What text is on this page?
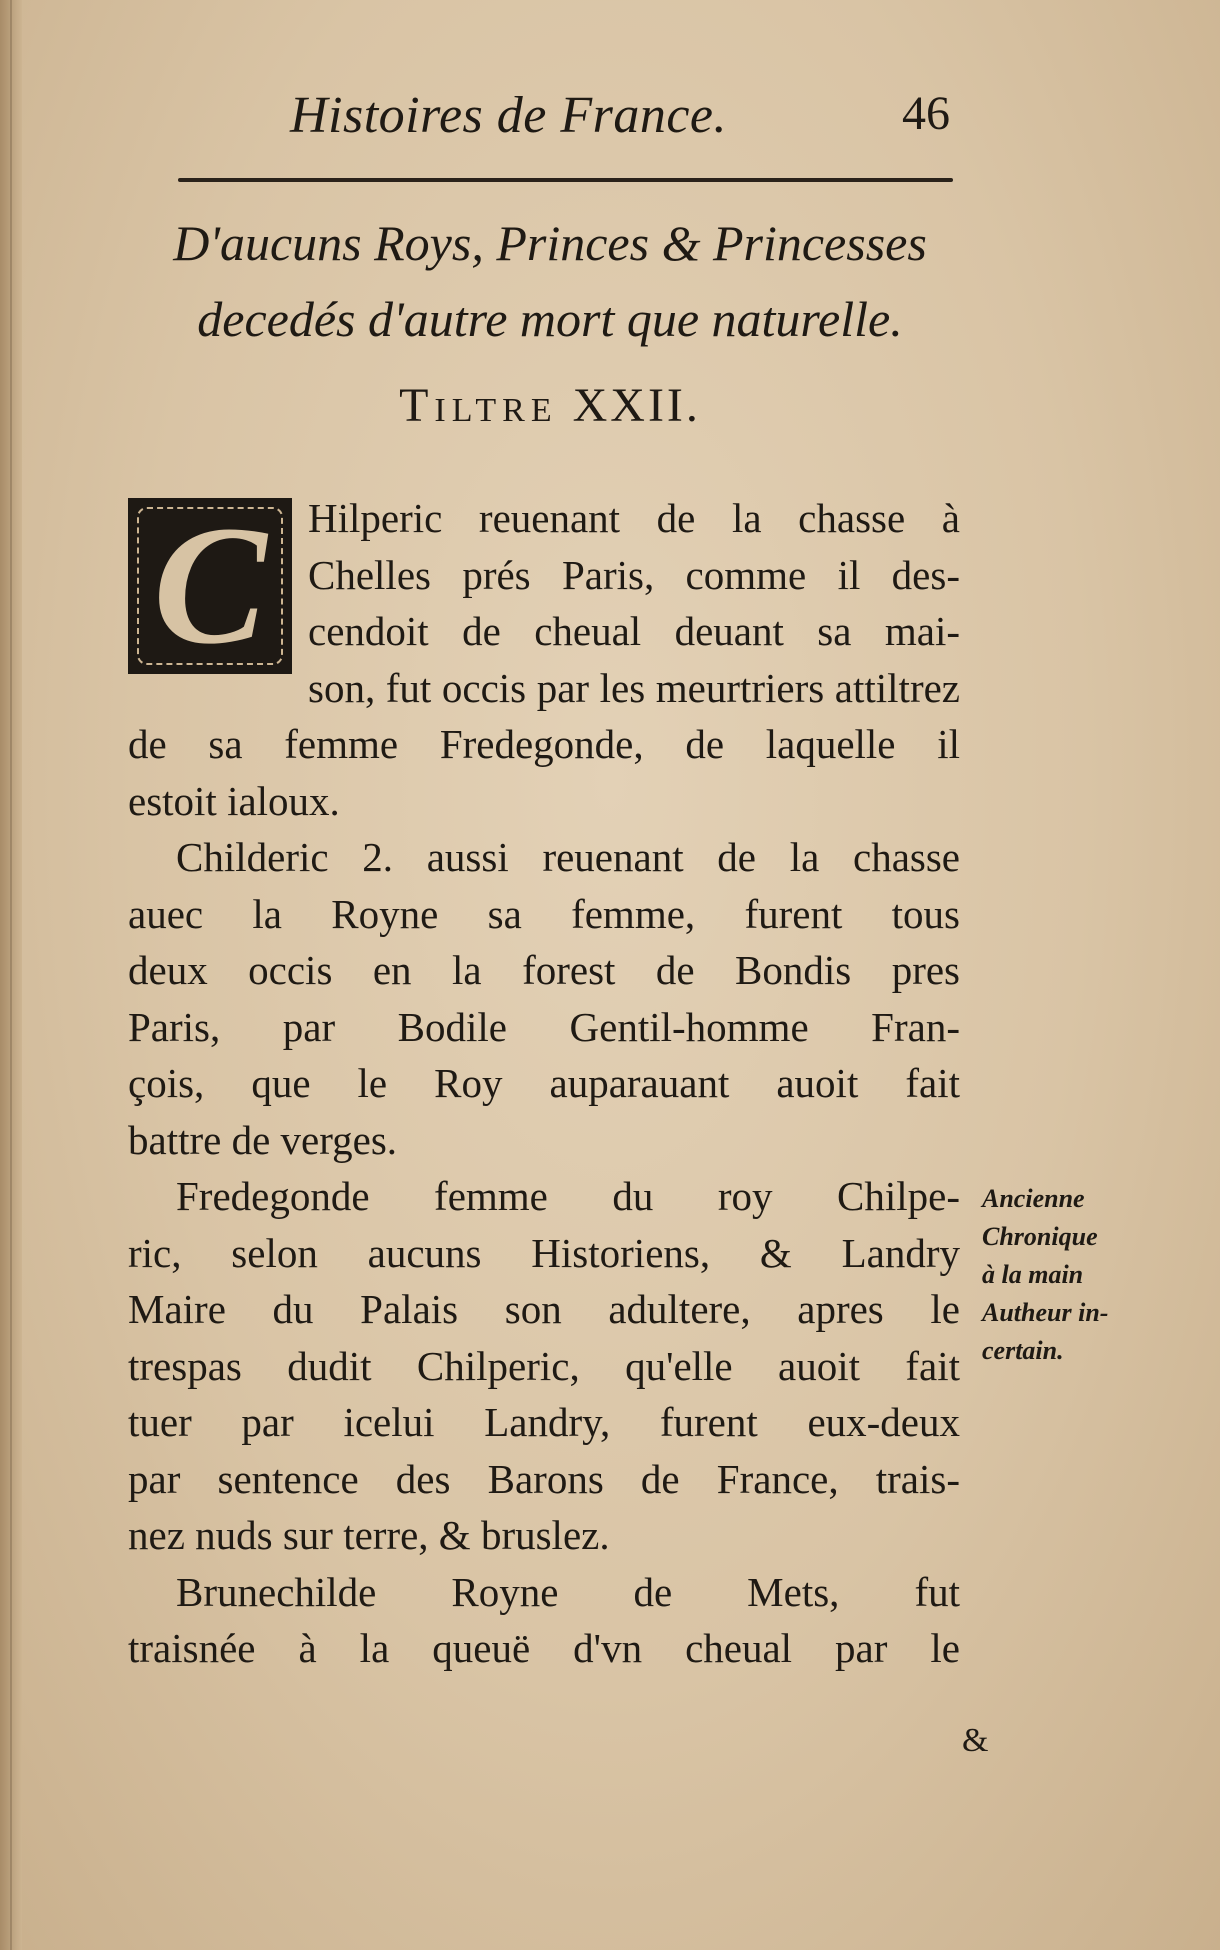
Histoires de France.	46
D'aucuns Roys, Princes & Princesses
decedés d'autre mort que naturelle.
Tiltre XXII.
C	Hilperic reuenant de la chasse à
Chelles prés Paris, comme il des-
cendoit de cheual deuant sa mai-
son, fut occis par les meurtriers attiltrez
de sa femme Fredegonde, de laquelle il
estoit ialoux.

Childeric 2. aussi reuenant de la chasse
auec la Royne sa femme, furent tous
deux occis en la forest de Bondis pres
Paris, par Bodile Gentil-homme Fran-
çois, que le Roy auparauant auoit fait
battre de verges.

Fredegonde femme du roy Chilpe-
ric, selon aucuns Historiens, & Landry
Maire du Palais son adultere, apres le
trespas dudit Chilperic, qu'elle auoit fait
tuer par icelui Landry, furent eux-deux
par sentence des Barons de France, trais-
nez nuds sur terre, & bruslez.

Brunechilde Royne de Mets, fut
traisnée à la queuë d'vn cheual par le

Ancienne
Chronique
à la main
Autheur in-
certain.
&
